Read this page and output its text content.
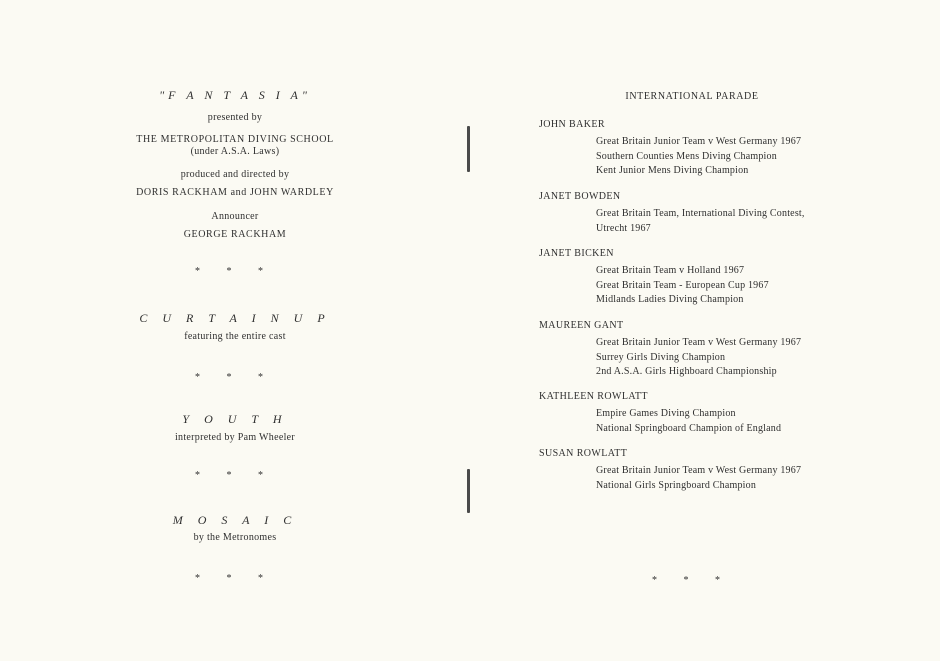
"F A N T A S I A"
presented by
THE METROPOLITAN DIVING SCHOOL
(under A.S.A. Laws)
produced and directed by
DORIS RACKHAM and JOHN WARDLEY
Announcer
GEORGE RACKHAM
* * *
C U R T A I N U P
featuring the entire cast
* * *
Y O U T H
interpreted by Pam Wheeler
* * *
M O S A I C
by the Metronomes
* * *
INTERNATIONAL PARADE
JOHN BAKER
Great Britain Junior Team v West Germany 1967
Southern Counties Mens Diving Champion
Kent Junior Mens Diving Champion
JANET BOWDEN
Great Britain Team, International Diving Contest,
Utrecht 1967
JANET BICKEN
Great Britain Team v Holland 1967
Great Britain Team - European Cup 1967
Midlands Ladies Diving Champion
MAUREEN GANT
Great Britain Junior Team v West Germany 1967
Surrey Girls Diving Champion
2nd A.S.A. Girls Highboard Championship
KATHLEEN ROWLATT
Empire Games Diving Champion
National Springboard Champion of England
SUSAN ROWLATT
Great Britain Junior Team v West Germany 1967
National Girls Springboard Champion
* * *
